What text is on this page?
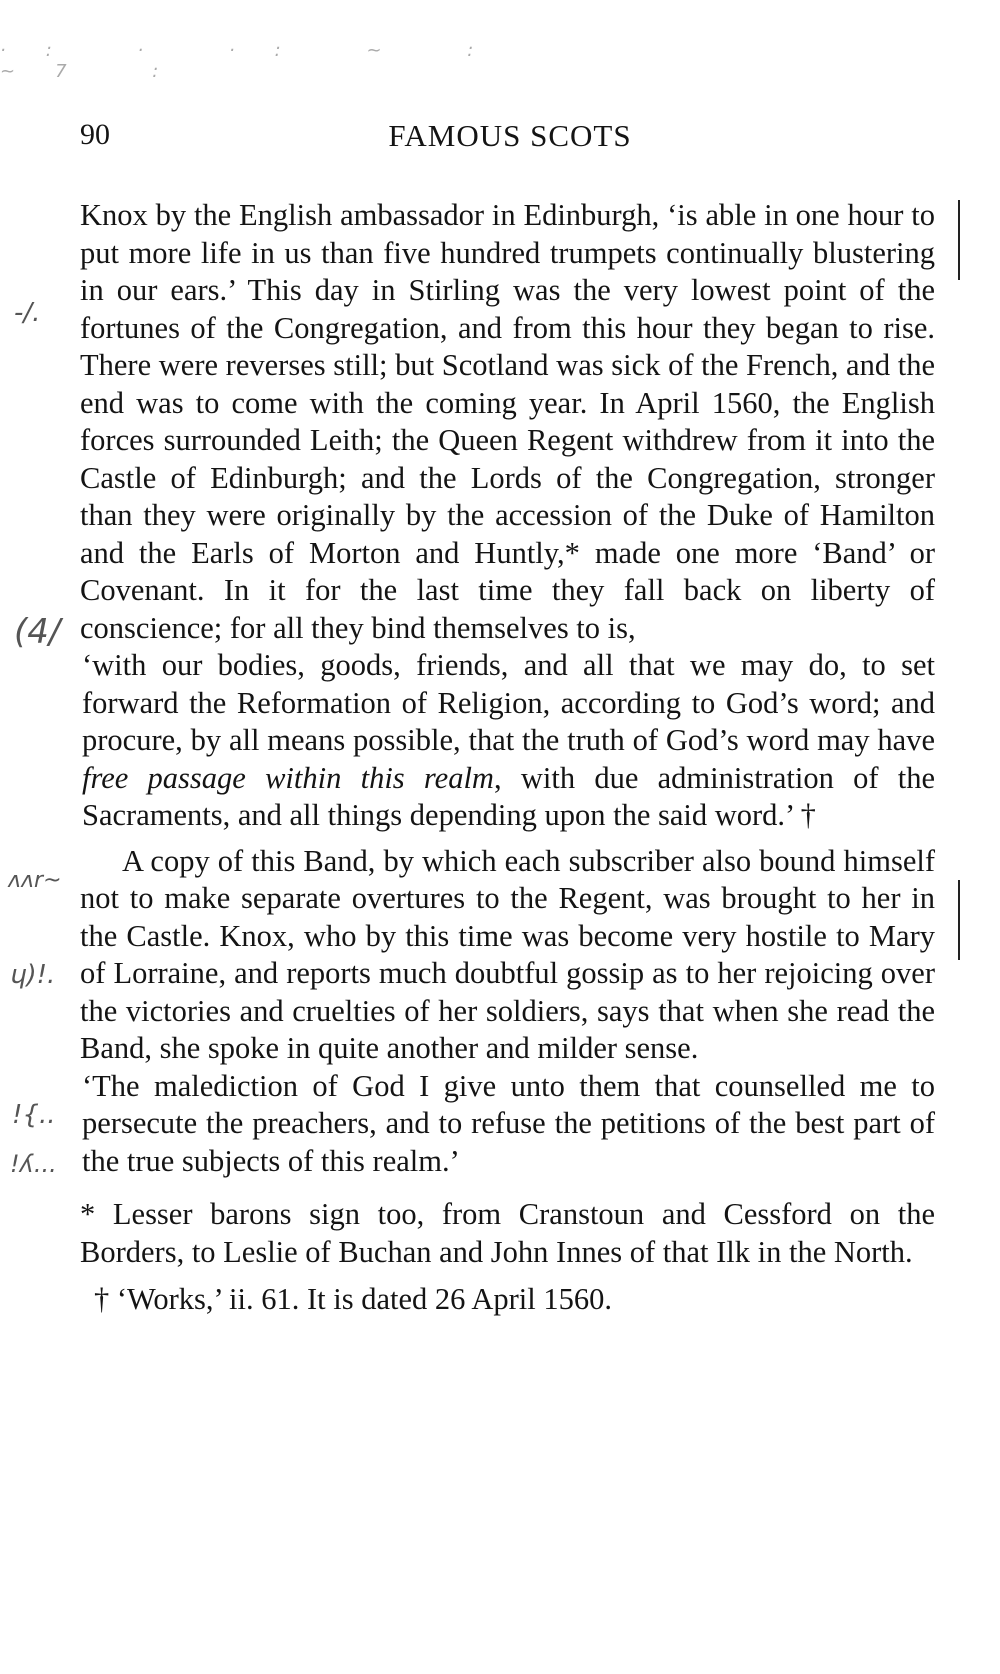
·: · ·: ~ : ~7 :
90	FAMOUS SCOTS
-/.
(4/
ʌʌr~
ɥ)!.
!{..
!ʎ...

Knox by the English ambassador in Edinburgh, ‘is able in one hour to put more life in us than five hundred trumpets continually blustering in our ears.’ This day in Stirling was the very lowest point of the fortunes of the Congregation, and from this hour they began to rise. There were reverses still; but Scotland was sick of the French, and the end was to come with the coming year. In April 1560, the English forces surrounded Leith; the Queen Regent withdrew from it into the Castle of Edinburgh; and the Lords of the Congregation, stronger than they were originally by the accession of the Duke of Hamilton and the Earls of Morton and Huntly,* made one more ‘Band’ or Covenant. In it for the last time they fall back on liberty of conscience; for all they bind themselves to is,

‘with our bodies, goods, friends, and all that we may do, to set forward the Reformation of Religion, according to God’s word; and procure, by all means possible, that the truth of God’s word may have free passage within this realm, with due administration of the Sacraments, and all things depending upon the said word.’ †

A copy of this Band, by which each subscriber also bound himself not to make separate overtures to the Regent, was brought to her in the Castle. Knox, who by this time was become very hostile to Mary of Lorraine, and reports much doubtful gossip as to her rejoicing over the victories and cruelties of her soldiers, says that when she read the Band, she spoke in quite another and milder sense.

‘The malediction of God I give unto them that counselled me to persecute the preachers, and to refuse the petitions of the best part of the true subjects of this realm.’

* Lesser barons sign too, from Cranstoun and Cessford on the Borders, to Leslie of Buchan and John Innes of that Ilk in the North.

† ‘Works,’ ii. 61. It is dated 26 April 1560.
